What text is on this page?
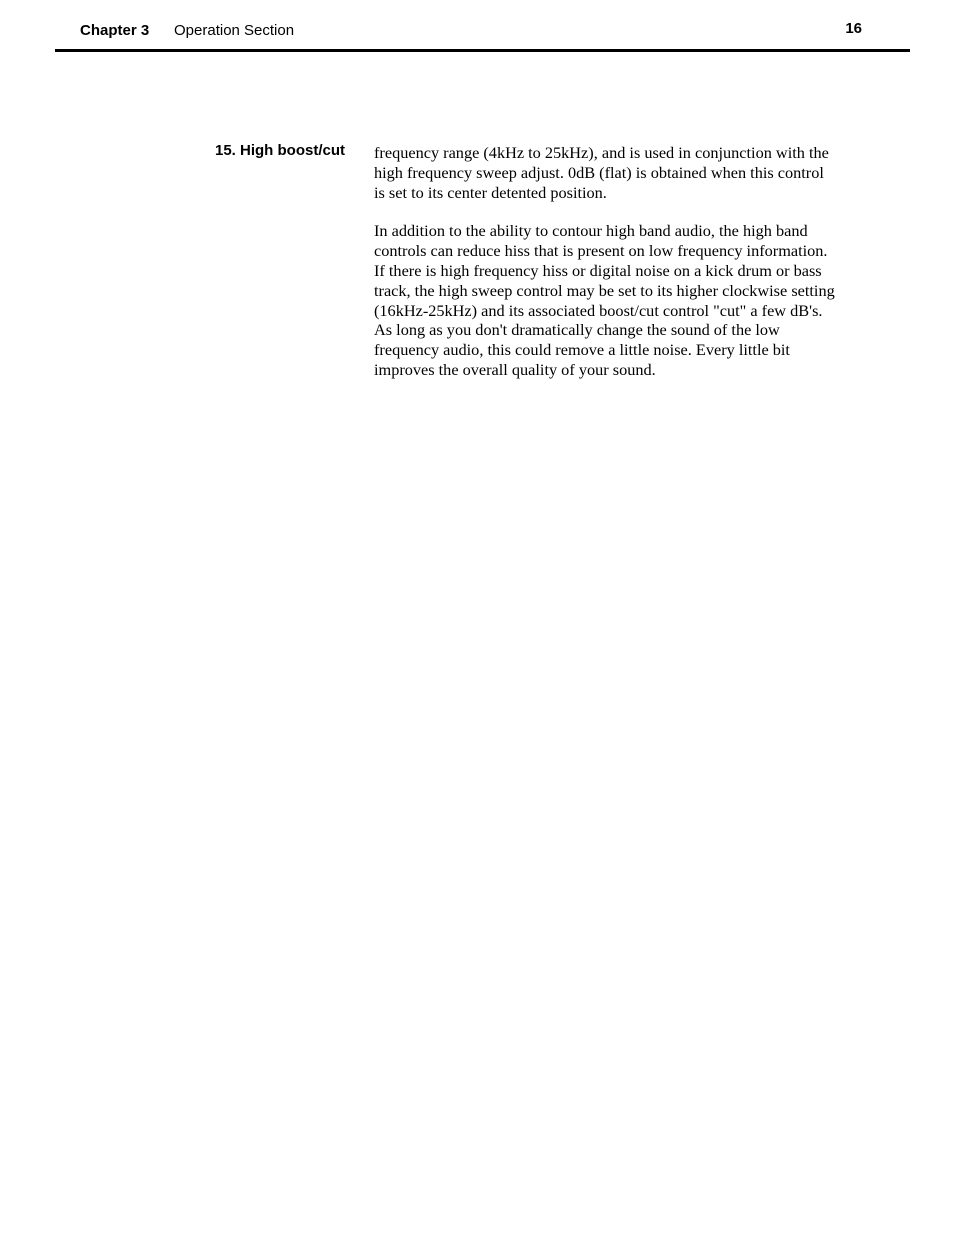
Chapter 3 Operation Section	16
15. High boost/cut frequency range (4kHz to 25kHz), and is used in conjunction with the
high frequency sweep adjust. 0dB (flat) is obtained when this control
is set to its center detented position.

In addition to the ability to contour high band audio, the high band
controls can reduce hiss that is present on low frequency information.
If there is high frequency hiss or digital noise on a kick drum or bass
track, the high sweep control may be set to its higher clockwise setting
(16kHz-25kHz) and its associated boost/cut control "cut" a few dB's.
As long as you don't dramatically change the sound of the low
frequency audio, this could remove a little noise. Every little bit
improves the overall quality of your sound.
